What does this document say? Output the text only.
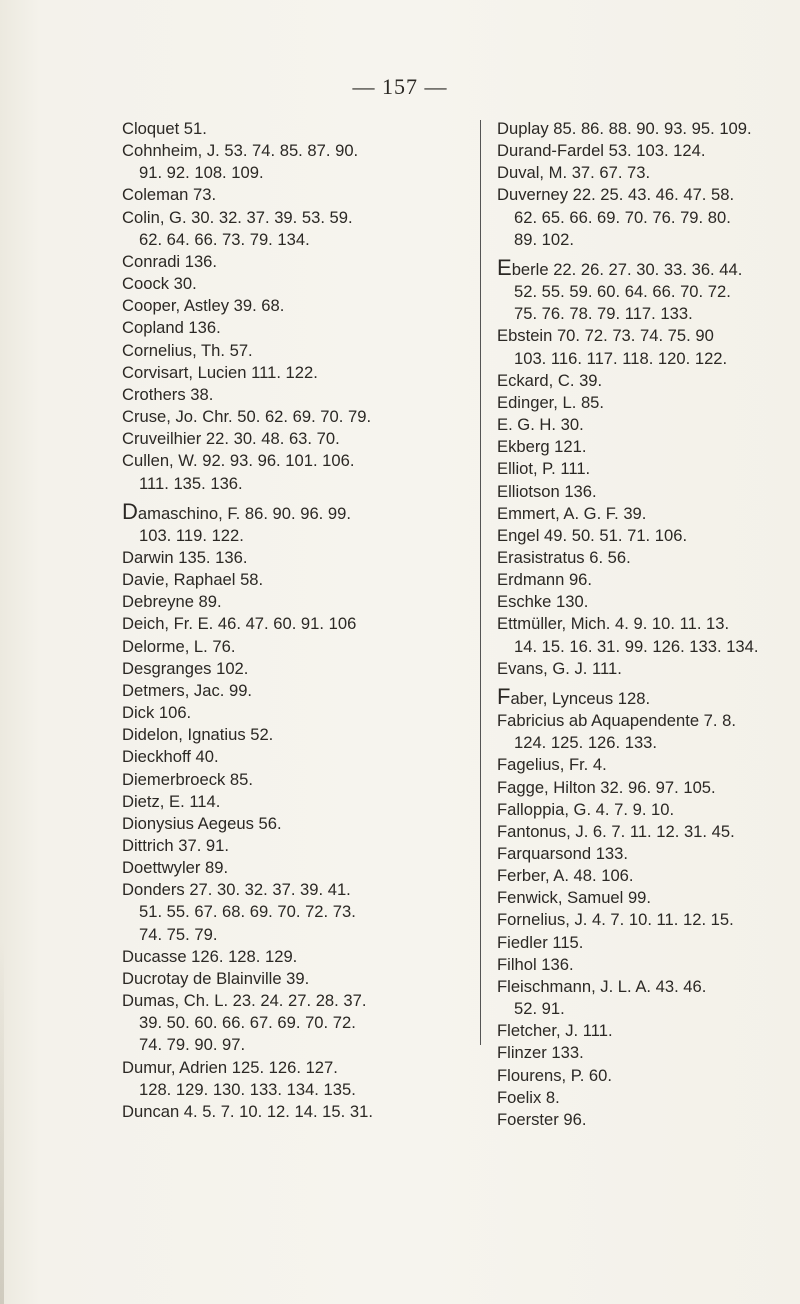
— 157 —
Cloquet 51.
Cohnheim, J. 53. 74. 85. 87. 90.
91. 92. 108. 109.
Coleman 73.
Colin, G. 30. 32. 37. 39. 53. 59.
62. 64. 66. 73. 79. 134.
Conradi 136.
Coock 30.
Cooper, Astley 39. 68.
Copland 136.
Cornelius, Th. 57.
Corvisart, Lucien 111. 122.
Crothers 38.
Cruse, Jo. Chr. 50. 62. 69. 70. 79.
Cruveilhier 22. 30. 48. 63. 70.
Cullen, W. 92. 93. 96. 101. 106.
111. 135. 136.
Damaschino, F. 86. 90. 96. 99.
103. 119. 122.
Darwin 135. 136.
Davie, Raphael 58.
Debreyne 89.
Deich, Fr. E. 46. 47. 60. 91. 106
Delorme, L. 76.
Desgranges 102.
Detmers, Jac. 99.
Dick 106.
Didelon, Ignatius 52.
Dieckhoff 40.
Diemerbroeck 85.
Dietz, E. 114.
Dionysius Aegeus 56.
Dittrich 37. 91.
Doettwyler 89.
Donders 27. 30. 32. 37. 39. 41.
51. 55. 67. 68. 69. 70. 72. 73.
74. 75. 79.
Ducasse 126. 128. 129.
Ducrotay de Blainville 39.
Dumas, Ch. L. 23. 24. 27. 28. 37.
39. 50. 60. 66. 67. 69. 70. 72.
74. 79. 90. 97.
Dumur, Adrien 125. 126. 127.
128. 129. 130. 133. 134. 135.
Duncan 4. 5. 7. 10. 12. 14. 15. 31.
Duplay 85. 86. 88. 90. 93. 95. 109.
Durand-Fardel 53. 103. 124.
Duval, M. 37. 67. 73.
Duverney 22. 25. 43. 46. 47. 58.
62. 65. 66. 69. 70. 76. 79. 80.
89. 102.
Eberle 22. 26. 27. 30. 33. 36. 44.
52. 55. 59. 60. 64. 66. 70. 72.
75. 76. 78. 79. 117. 133.
Ebstein 70. 72. 73. 74. 75. 90
103. 116. 117. 118. 120. 122.
Eckard, C. 39.
Edinger, L. 85.
E. G. H. 30.
Ekberg 121.
Elliot, P. 111.
Elliotson 136.
Emmert, A. G. F. 39.
Engel 49. 50. 51. 71. 106.
Erasistratus 6. 56.
Erdmann 96.
Eschke 130.
Ettmüller, Mich. 4. 9. 10. 11. 13.
14. 15. 16. 31. 99. 126. 133. 134.
Evans, G. J. 111.
Faber, Lynceus 128.
Fabricius ab Aquapendente 7. 8.
124. 125. 126. 133.
Fagelius, Fr. 4.
Fagge, Hilton 32. 96. 97. 105.
Falloppia, G. 4. 7. 9. 10.
Fantonus, J. 6. 7. 11. 12. 31. 45.
Farquarsond 133.
Ferber, A. 48. 106.
Fenwick, Samuel 99.
Fornelius, J. 4. 7. 10. 11. 12. 15.
Fiedler 115.
Filhol 136.
Fleischmann, J. L. A. 43. 46.
52. 91.
Fletcher, J. 111.
Flinzer 133.
Flourens, P. 60.
Foelix 8.
Foerster 96.
